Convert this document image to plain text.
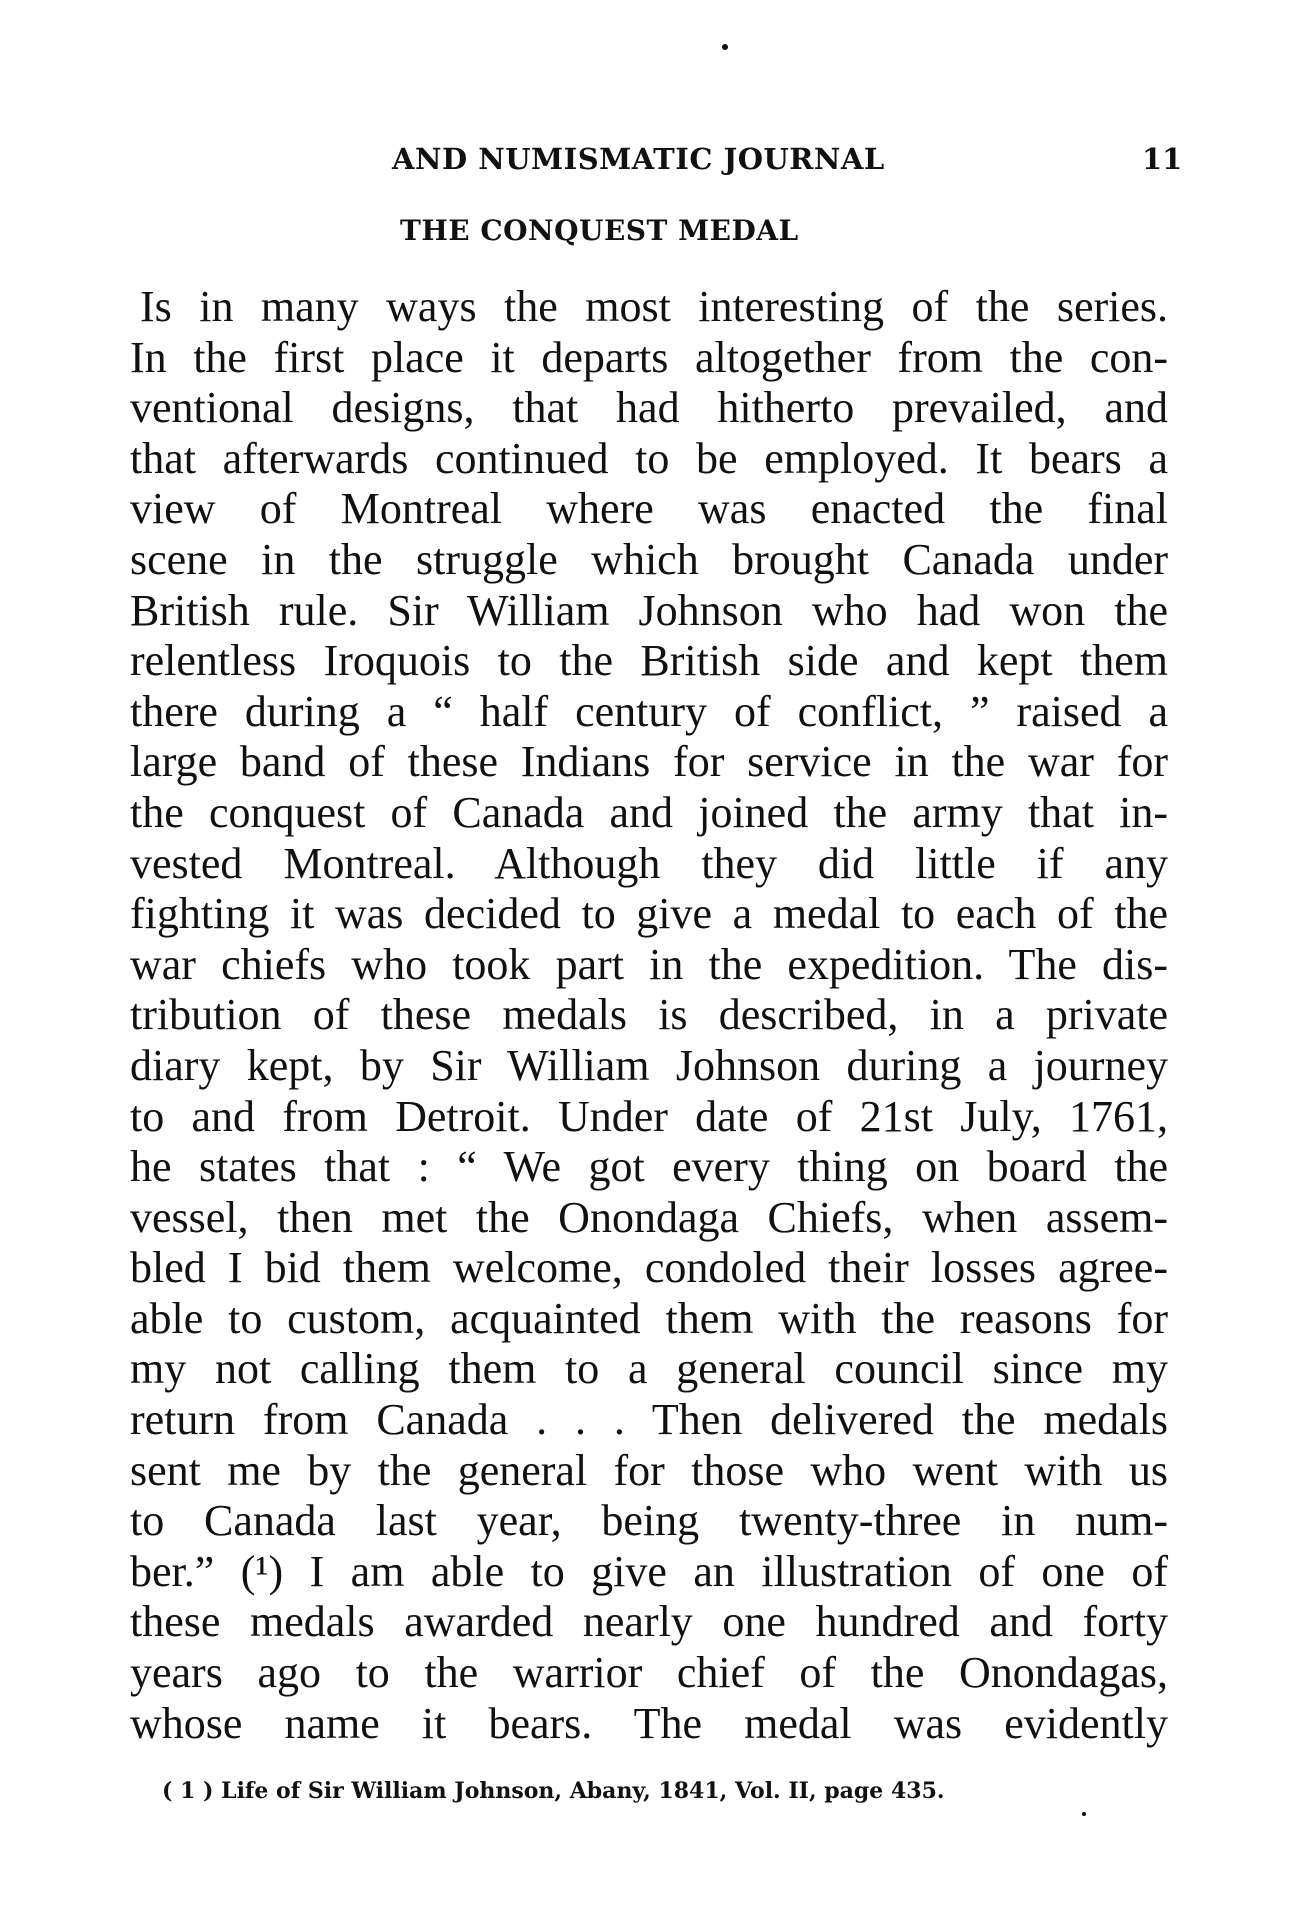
AND NUMISMATIC JOURNAL	11
THE CONQUEST MEDAL
Is in many ways the most interesting of the series.
In the first place it departs altogether from the con-
ventional designs, that had hitherto prevailed, and
that afterwards continued to be employed. It bears a
view of Montreal where was enacted the final
scene in the struggle which brought Canada under
British rule. Sir William Johnson who had won the
relentless Iroquois to the British side and kept them
there during a “ half century of conflict, ” raised a
large band of these Indians for service in the war for
the conquest of Canada and joined the army that in-
vested Montreal. Although they did little if any
fighting it was decided to give a medal to each of the
war chiefs who took part in the expedition. The dis-
tribution of these medals is described, in a private
diary kept, by Sir William Johnson during a journey
to and from Detroit. Under date of 21st July, 1761,
he states that : “ We got every thing on board the
vessel, then met the Onondaga Chiefs, when assem-
bled I bid them welcome, condoled their losses agree-
able to custom, acquainted them with the reasons for
my not calling them to a general council since my
return from Canada . . . Then delivered the medals
sent me by the general for those who went with us
to Canada last year, being twenty-three in num-
ber.” (¹) I am able to give an illustration of one of
these medals awarded nearly one hundred and forty
years ago to the warrior chief of the Onondagas,
whose name it bears. The medal was evidently
( 1 ) Life of Sir William Johnson, Abany, 1841, Vol. II, page 435.
